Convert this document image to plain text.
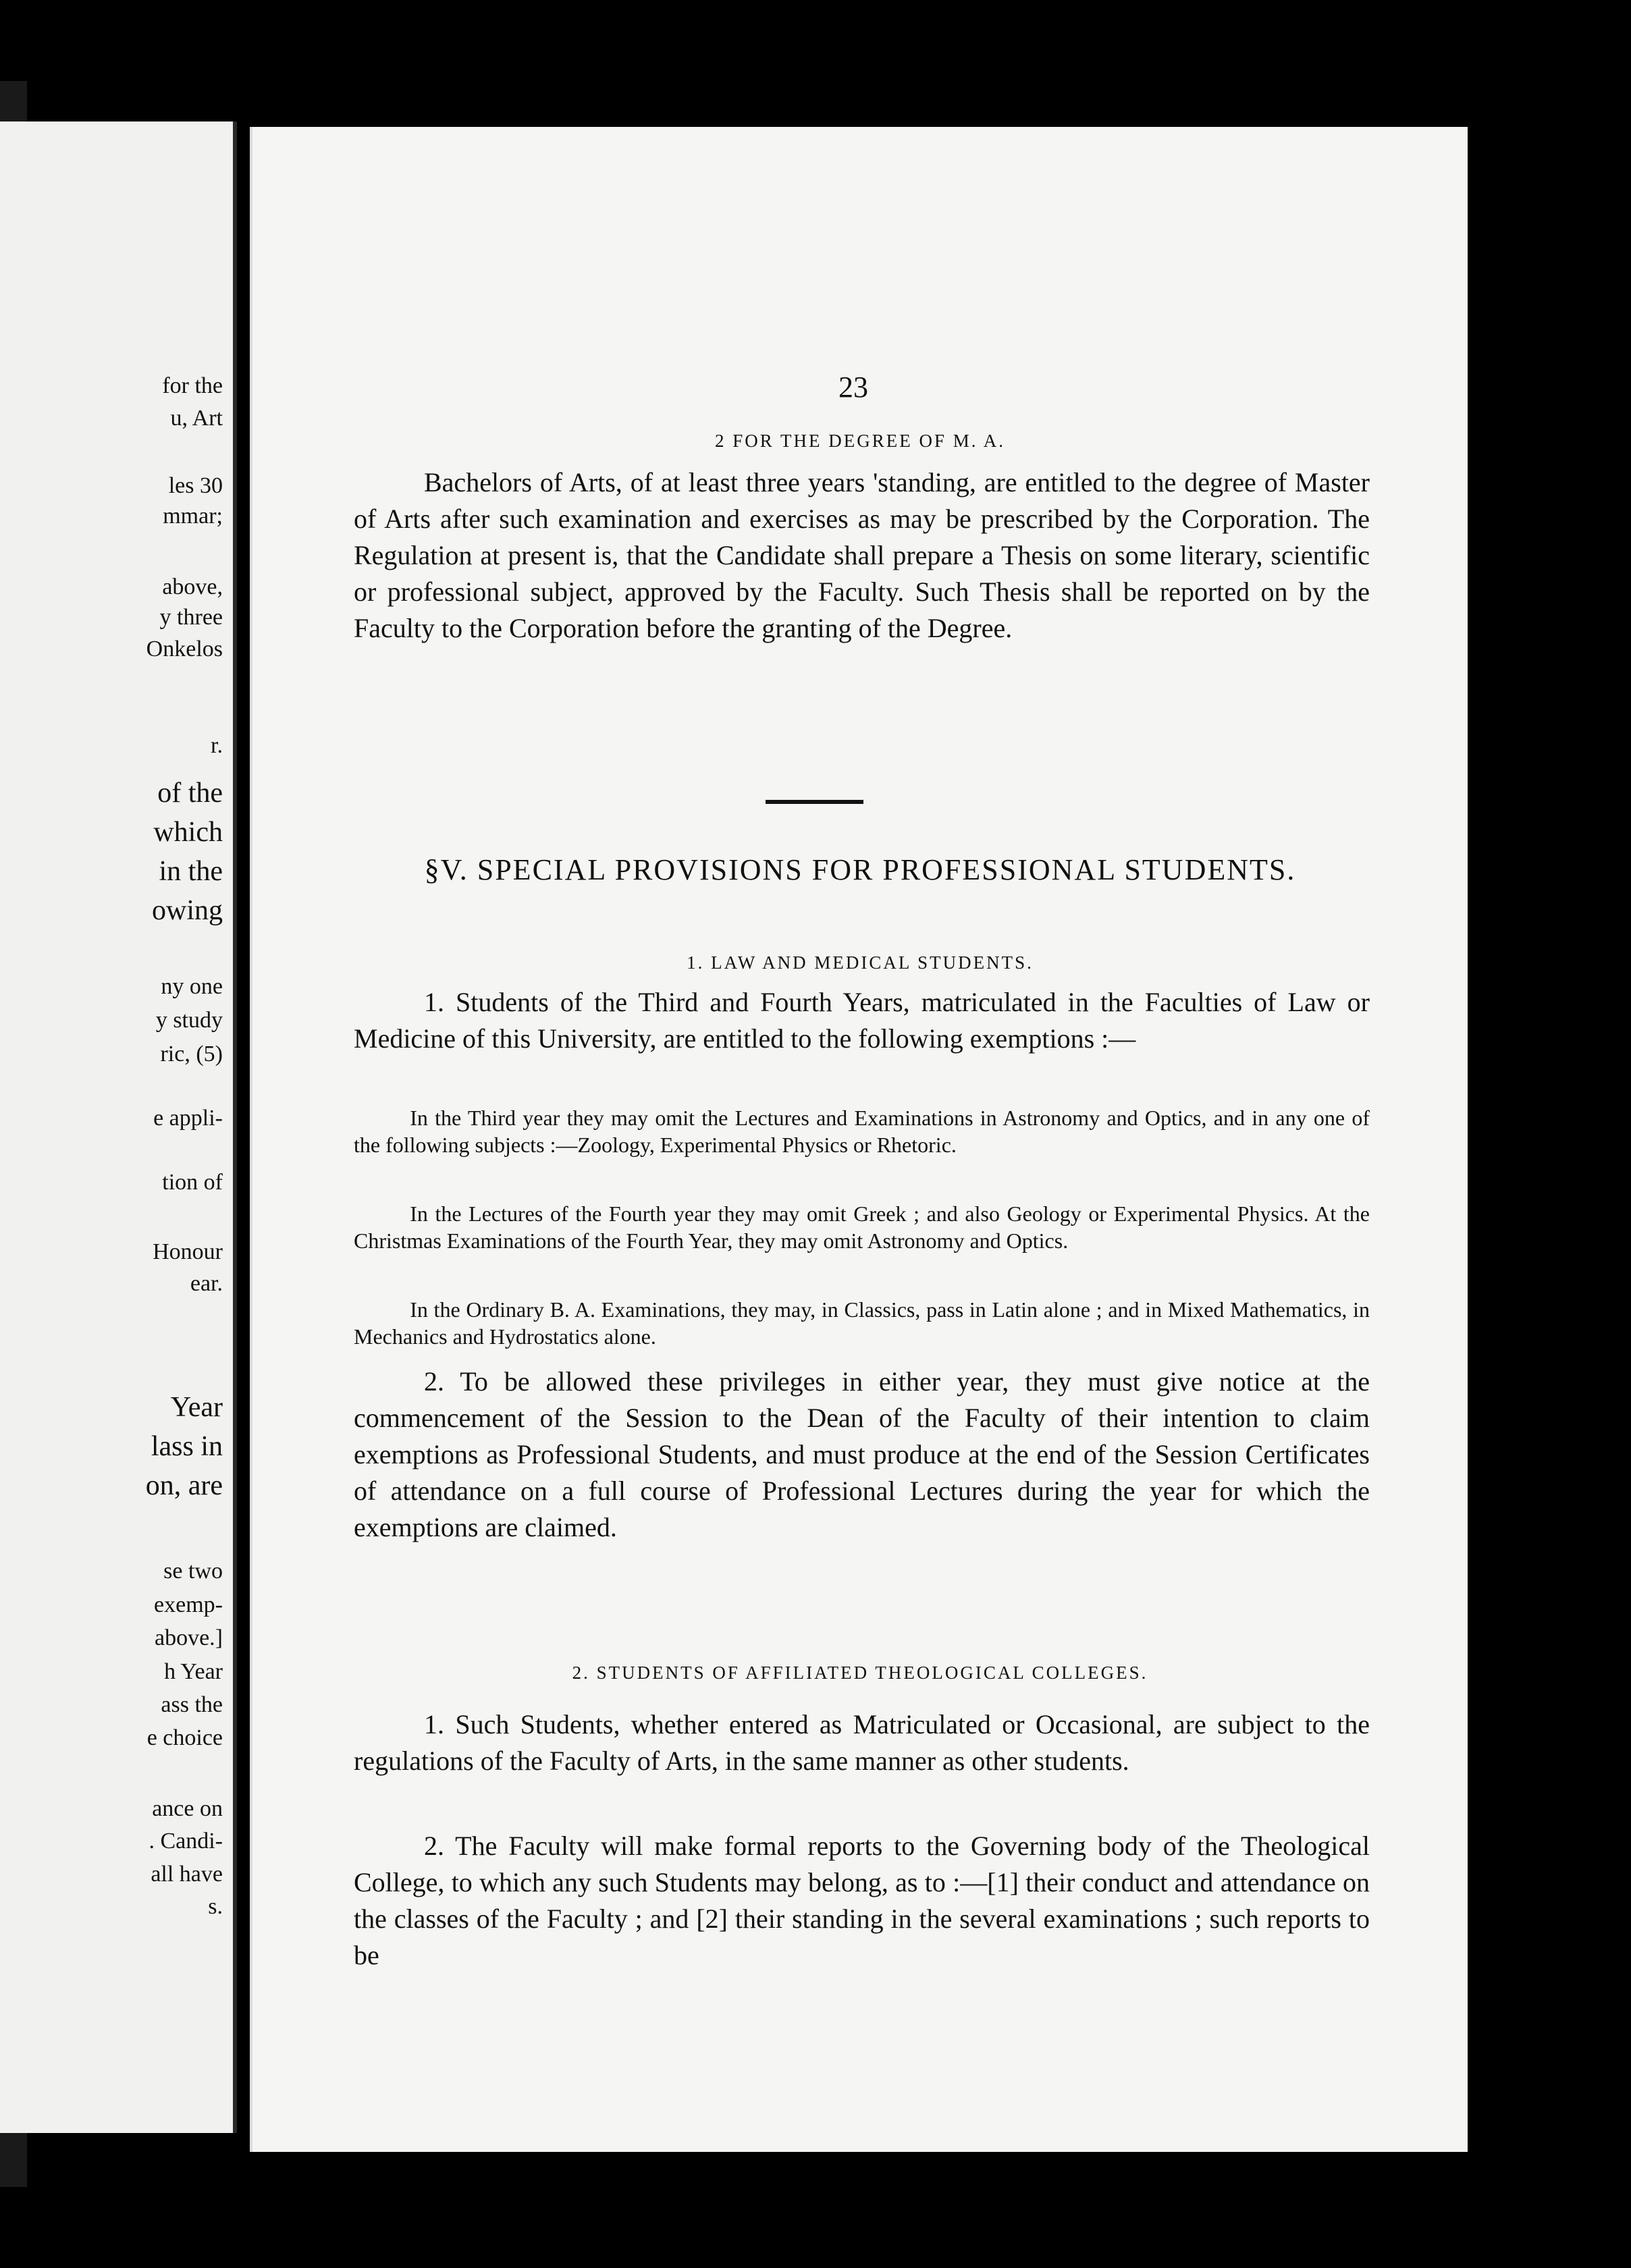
for the
u, Art
les 30
mmar;
above,
y three
Onkelos
r.
of the
which
in the
owing
ny one
y study
ric, (5)
e appli-
tion of
Honour
ear.
Year
lass in
on, are
se two
exemp-
above.]
h Year
ass the
e choice
ance on
. Candi-
all have
s.
23
2 FOR THE DEGREE OF M. A.
Bachelors of Arts, of at least three years 'standing, are entitled to the degree of Master of Arts after such examination and exercises as may be prescribed by the Corporation. The Regulation at present is, that the Candidate shall prepare a Thesis on some literary, scientific or professional subject, approved by the Faculty. Such Thesis shall be reported on by the Faculty to the Corporation before the granting of the Degree.
§V. SPECIAL PROVISIONS FOR PROFESSIONAL STUDENTS.
1. LAW AND MEDICAL STUDENTS.
1. Students of the Third and Fourth Years, matriculated in the Faculties of Law or Medicine of this University, are entitled to the following exemptions :—
In the Third year they may omit the Lectures and Examinations in Astronomy and Optics, and in any one of the following subjects :—Zoology, Experimental Physics or Rhetoric.
In the Lectures of the Fourth year they may omit Greek ; and also Geology or Experimental Physics. At the Christmas Examinations of the Fourth Year, they may omit Astronomy and Optics.
In the Ordinary B. A. Examinations, they may, in Classics, pass in Latin alone ; and in Mixed Mathematics, in Mechanics and Hydrostatics alone.
2. To be allowed these privileges in either year, they must give notice at the commencement of the Session to the Dean of the Faculty of their intention to claim exemptions as Professional Students, and must produce at the end of the Session Certificates of attendance on a full course of Professional Lectures during the year for which the exemptions are claimed.
2. STUDENTS OF AFFILIATED THEOLOGICAL COLLEGES.
1. Such Students, whether entered as Matriculated or Occasional, are subject to the regulations of the Faculty of Arts, in the same manner as other students.
2. The Faculty will make formal reports to the Governing body of the Theological College, to which any such Students may belong, as to :—[1] their conduct and attendance on the classes of the Faculty ; and [2] their standing in the several examinations ; such reports to be
